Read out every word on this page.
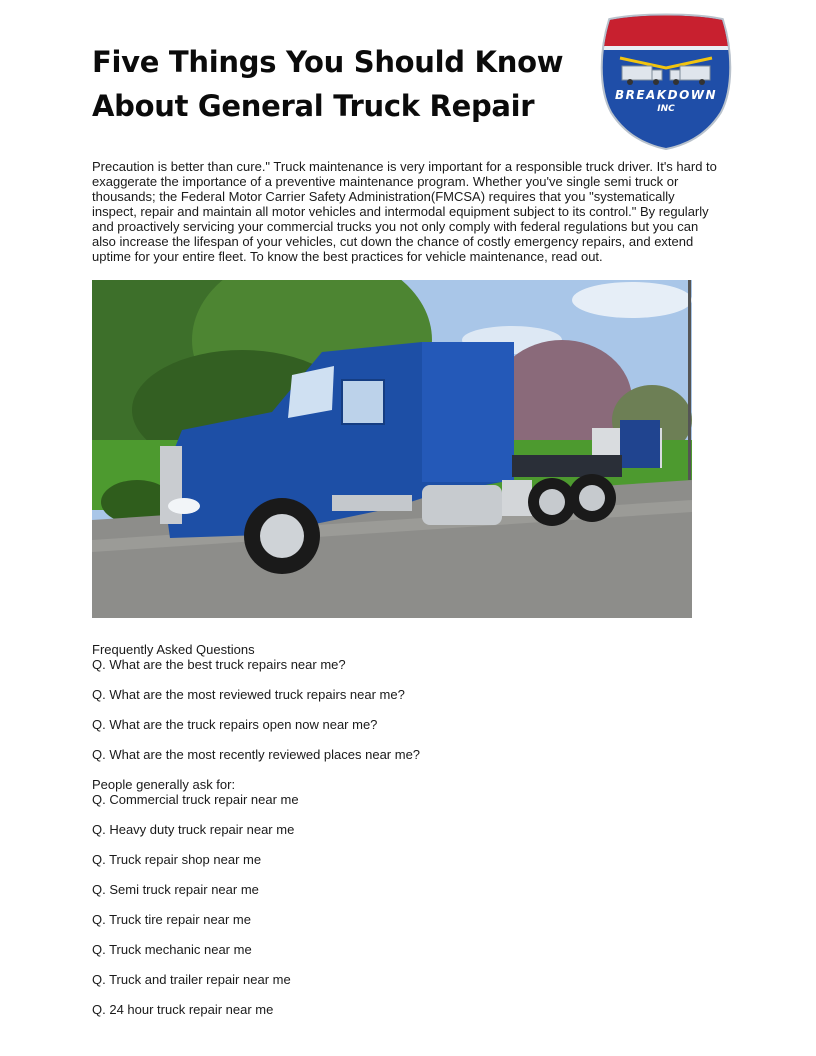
Five Things You Should Know
About General Truck Repair	BREAKDOWN
INC

Precaution is better than cure." Truck maintenance is very important for a responsible truck driver. It's hard to exaggerate the importance of a preventive maintenance program. Whether you've single semi truck or thousands; the Federal Motor Carrier Safety Administration(FMCSA) requires that you "systematically inspect, repair and maintain all motor vehicles and intermodal equipment subject to its control." By regularly and proactively servicing your commercial trucks you not only comply with federal regulations but you can also increase the lifespan of your vehicles, cut down the chance of costly emergency repairs, and extend uptime for your entire fleet. To know the best practices for vehicle maintenance, read out.

Frequently Asked Questions

Q. What are the best truck repairs near me?

Q. What are the most reviewed truck repairs near me?

Q. What are the truck repairs open now near me?

Q. What are the most recently reviewed places near me?

People generally ask for:

Q. Commercial truck repair near me

Q. Heavy duty truck repair near me

Q. Truck repair shop near me

Q. Semi truck repair near me

Q. Truck tire repair near me

Q. Truck mechanic near me

Q. Truck and trailer repair near me

Q. 24 hour truck repair near me
